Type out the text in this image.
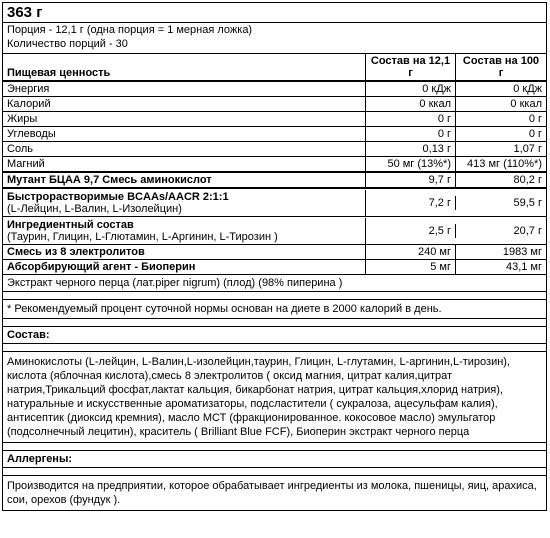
363 г
Порция - 12,1 г (одна порция = 1 мерная ложка)
Количество порций - 30
Пищевая ценность
Состав на 12,1 г
Состав на 100 г
Энергия	0 кДж	0 кДж
Калорий	0 ккал	0 ккал
Жиры	0 г	0 г
Углеводы	0 г	0 г
Соль	0,13 г	1,07 г
Магний	50 мг (13%*)	413 мг (110%*)
Мутант БЦАА 9,7 Смесь аминокислот	9,7 г	80,2 г
Быстрорастворимые BCAAs/AACR 2:1:1
(L-Лейцин, L-Валин, L-Изолейцин)	7,2 г	59,5 г
Ингредиентный состав
(Таурин, Глицин, L-Глютамин, L-Аргинин, L-Тирозин )	2,5 г	20,7 г
Смесь из 8 электролитов	240 мг	1983 мг
Абсорбирующий агент - Биоперин	5 мг	43,1 мг
Экстракт черного перца (лат.piper nigrum) (плод) (98% пиперина )
* Рекомендуемый процент суточной нормы основан на диете в 2000 калорий в день.
Состав:
Аминокислоты (L-лейцин, L-Валин,L-изолейцин,таурин, Глицин, L-глутамин, L-аргинин,L-тирозин), кислота (яблочная кислота),смесь 8 электролитов ( оксид магния, цитрат калия,цитрат натрия,Трикальций фосфат,лактат кальция, бикарбонат натрия, цитрат кальция,хлорид натрия), натуральные и искусственные ароматизаторы, подсластители ( сукралоза, ацесульфам калия), антисептик (диоксид кремния), масло МСТ (фракционированное. кокосовое масло) эмульгатор (подсолнечный лецитин), краситель ( Brilliant Blue FCF), Биоперин экстракт черного перца
Аллергены:
Производится на предприятии, которое обрабатывает ингредиенты из молока, пшеницы, яиц, арахиса, сои, орехов (фундук ).
